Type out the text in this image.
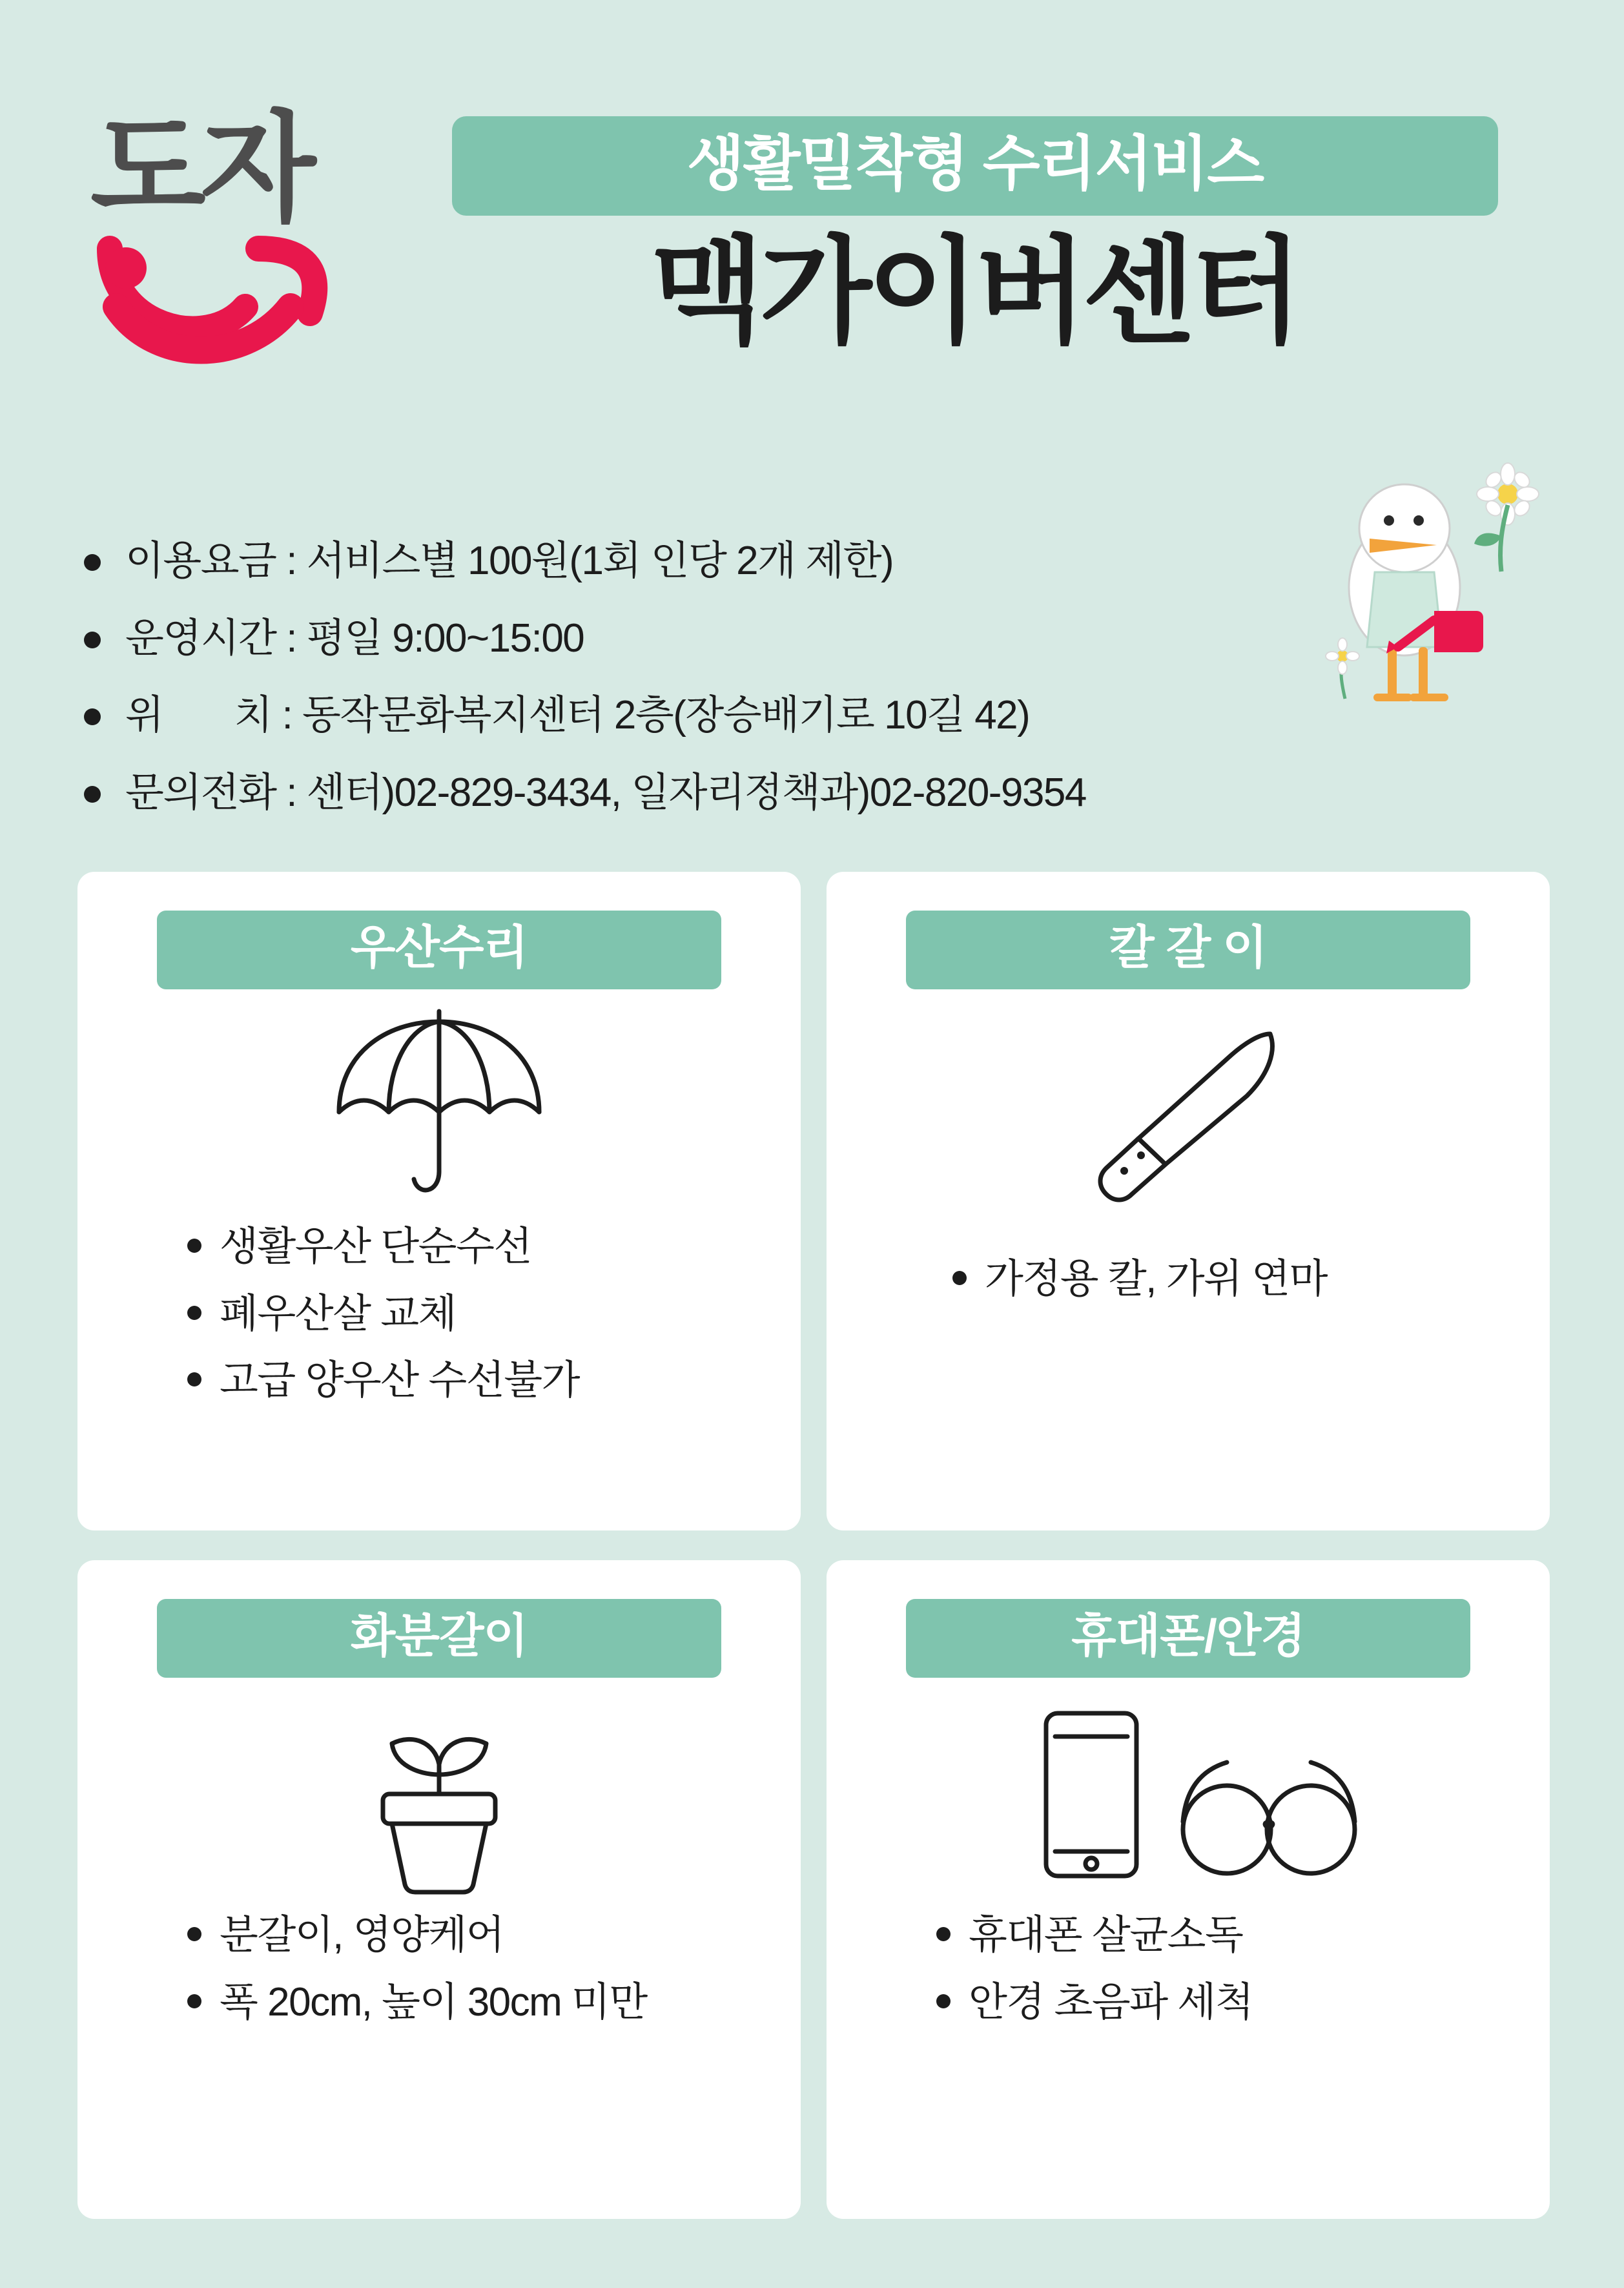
도자	생활밀착형 수리서비스
맥가이버센터
이용요금 : 서비스별 100원(1회 인당 2개 제한)
운영시간 : 평일 9:00~15:00
위       치 : 동작문화복지센터 2층(장승배기로 10길 42)
문의전화 : 센터)02-829-3434, 일자리정책과)02-820-9354
우산수리
생활우산 단순수선
폐우산살 교체
고급 양우산 수선불가
칼 갈 이
가정용 칼, 가위 연마
화분갈이
분갈이, 영양케어
폭 20cm, 높이 30cm 미만
휴대폰/안경
휴대폰 살균소독
안경 초음파 세척
